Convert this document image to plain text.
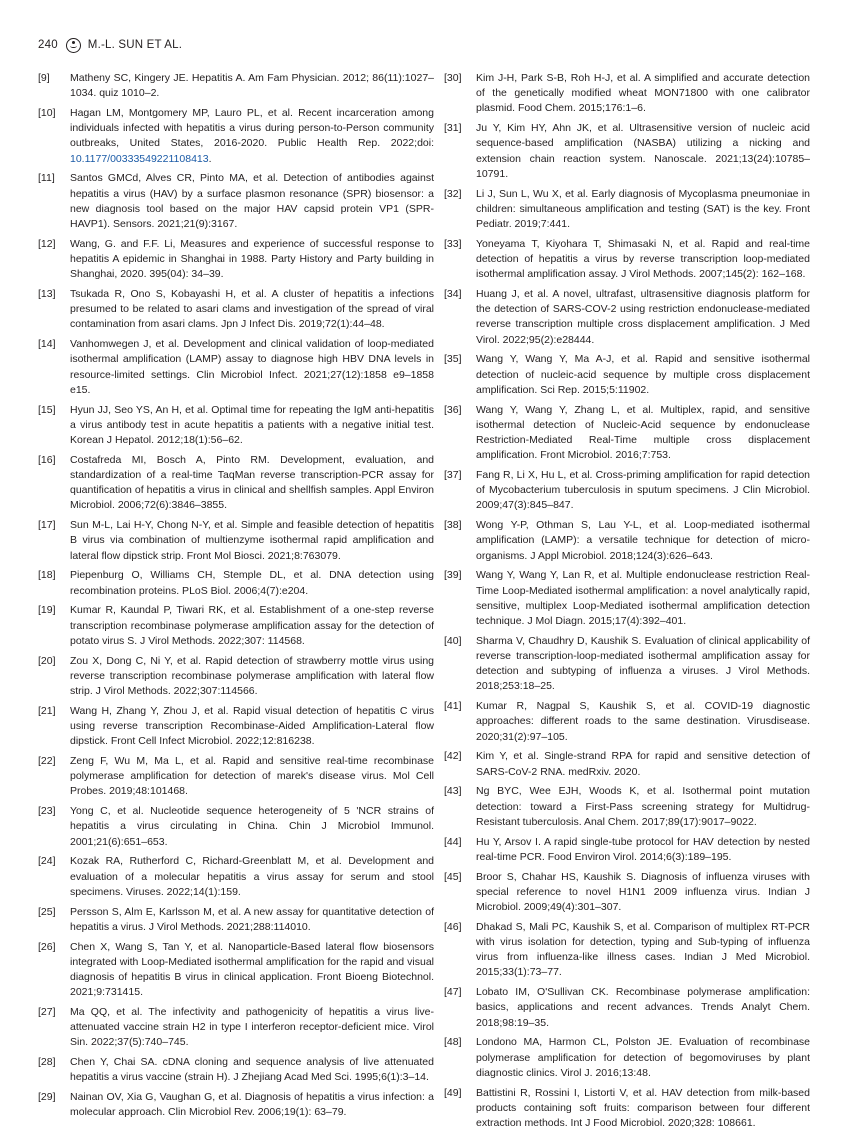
240	M.-L. SUN ET AL.
[9]	Matheny SC, Kingery JE. Hepatitis A. Am Fam Physician. 2012; 86(11):1027–1034. quiz 1010–2.
[10]	Hagan LM, Montgomery MP, Lauro PL, et al. Recent incarceration among individuals infected with hepatitis a virus during person-to-Person community outbreaks, United States, 2016-2020. Public Health Rep. 2022;doi: 10.1177/00333549221108413.
[11]	Santos GMCd, Alves CR, Pinto MA, et al. Detection of antibodies against hepatitis a virus (HAV) by a surface plasmon resonance (SPR) biosensor: a new diagnosis tool based on the major HAV capsid protein VP1 (SPR-HAVP1). Sensors. 2021;21(9):3167.
[12]	Wang, G. and F.F. Li, Measures and experience of successful response to hepatitis A epidemic in Shanghai in 1988. Party History and Party building in Shanghai, 2020. 395(04): 34–39.
[13]	Tsukada R, Ono S, Kobayashi H, et al. A cluster of hepatitis a infections presumed to be related to asari clams and investigation of the spread of viral contamination from asari clams. Jpn J Infect Dis. 2019;72(1):44–48.
[14]	Vanhomwegen J, et al. Development and clinical validation of loop-mediated isothermal amplification (LAMP) assay to diagnose high HBV DNA levels in resource-limited settings. Clin Microbiol Infect. 2021;27(12):1858 e9–1858 e15.
[15]	Hyun JJ, Seo YS, An H, et al. Optimal time for repeating the IgM anti-hepatitis a virus antibody test in acute hepatitis a patients with a negative initial test. Korean J Hepatol. 2012;18(1):56–62.
[16]	Costafreda MI, Bosch A, Pinto RM. Development, evaluation, and standardization of a real-time TaqMan reverse transcription-PCR assay for quantification of hepatitis a virus in clinical and shellfish samples. Appl Environ Microbiol. 2006;72(6):3846–3855.
[17]	Sun M-L, Lai H-Y, Chong N-Y, et al. Simple and feasible detection of hepatitis B virus via combination of multienzyme isothermal rapid amplification and lateral flow dipstick strip. Front Mol Biosci. 2021;8:763079.
[18]	Piepenburg O, Williams CH, Stemple DL, et al. DNA detection using recombination proteins. PLoS Biol. 2006;4(7):e204.
[19]	Kumar R, Kaundal P, Tiwari RK, et al. Establishment of a one-step reverse transcription recombinase polymerase amplification assay for the detection of potato virus S. J Virol Methods. 2022;307: 114568.
[20]	Zou X, Dong C, Ni Y, et al. Rapid detection of strawberry mottle virus using reverse transcription recombinase polymerase amplification with lateral flow strip. J Virol Methods. 2022;307:114566.
[21]	Wang H, Zhang Y, Zhou J, et al. Rapid visual detection of hepatitis C virus using reverse transcription Recombinase-Aided Amplification-Lateral flow dipstick. Front Cell Infect Microbiol. 2022;12:816238.
[22]	Zeng F, Wu M, Ma L, et al. Rapid and sensitive real-time recombinase polymerase amplification for detection of marek's disease virus. Mol Cell Probes. 2019;48:101468.
[23]	Yong C, et al. Nucleotide sequence heterogeneity of 5 'NCR strains of hepatitis a virus circulating in China. Chin J Microbiol Immunol. 2001;21(6):651–653.
[24]	Kozak RA, Rutherford C, Richard-Greenblatt M, et al. Development and evaluation of a molecular hepatitis a virus assay for serum and stool specimens. Viruses. 2022;14(1):159.
[25]	Persson S, Alm E, Karlsson M, et al. A new assay for quantitative detection of hepatitis a virus. J Virol Methods. 2021;288:114010.
[26]	Chen X, Wang S, Tan Y, et al. Nanoparticle-Based lateral flow biosensors integrated with Loop-Mediated isothermal amplification for the rapid and visual diagnosis of hepatitis B virus in clinical application. Front Bioeng Biotechnol. 2021;9:731415.
[27]	Ma QQ, et al. The infectivity and pathogenicity of hepatitis a virus live-attenuated vaccine strain H2 in type I interferon receptor-deficient mice. Virol Sin. 2022;37(5):740–745.
[28]	Chen Y, Chai SA. cDNA cloning and sequence analysis of live attenuated hepatitis a virus vaccine (strain H). J Zhejiang Acad Med Sci. 1995;6(1):3–14.
[29]	Nainan OV, Xia G, Vaughan G, et al. Diagnosis of hepatitis a virus infection: a molecular approach. Clin Microbiol Rev. 2006;19(1): 63–79.
[30]	Kim J-H, Park S-B, Roh H-J, et al. A simplified and accurate detection of the genetically modified wheat MON71800 with one calibrator plasmid. Food Chem. 2015;176:1–6.
[31]	Ju Y, Kim HY, Ahn JK, et al. Ultrasensitive version of nucleic acid sequence-based amplification (NASBA) utilizing a nicking and extension chain reaction system. Nanoscale. 2021;13(24):10785–10791.
[32]	Li J, Sun L, Wu X, et al. Early diagnosis of Mycoplasma pneumoniae in children: simultaneous amplification and testing (SAT) is the key. Front Pediatr. 2019;7:441.
[33]	Yoneyama T, Kiyohara T, Shimasaki N, et al. Rapid and real-time detection of hepatitis a virus by reverse transcription loop-mediated isothermal amplification assay. J Virol Methods. 2007;145(2): 162–168.
[34]	Huang J, et al. A novel, ultrafast, ultrasensitive diagnosis platform for the detection of SARS-COV-2 using restriction endonuclease-mediated reverse transcription multiple cross displacement amplification. J Med Virol. 2022;95(2):e28444.
[35]	Wang Y, Wang Y, Ma A-J, et al. Rapid and sensitive isothermal detection of nucleic-acid sequence by multiple cross displacement amplification. Sci Rep. 2015;5:11902.
[36]	Wang Y, Wang Y, Zhang L, et al. Multiplex, rapid, and sensitive isothermal detection of Nucleic-Acid sequence by endonuclease Restriction-Mediated Real-Time multiple cross displacement amplification. Front Microbiol. 2016;7:753.
[37]	Fang R, Li X, Hu L, et al. Cross-priming amplification for rapid detection of Mycobacterium tuberculosis in sputum specimens. J Clin Microbiol. 2009;47(3):845–847.
[38]	Wong Y-P, Othman S, Lau Y-L, et al. Loop-mediated isothermal amplification (LAMP): a versatile technique for detection of micro-organisms. J Appl Microbiol. 2018;124(3):626–643.
[39]	Wang Y, Wang Y, Lan R, et al. Multiple endonuclease restriction Real-Time Loop-Mediated isothermal amplification: a novel analytically rapid, sensitive, multiplex Loop-Mediated isothermal amplification detection technique. J Mol Diagn. 2015;17(4):392–401.
[40]	Sharma V, Chaudhry D, Kaushik S. Evaluation of clinical applicability of reverse transcription-loop-mediated isothermal amplification assay for detection and subtyping of influenza a viruses. J Virol Methods. 2018;253:18–25.
[41]	Kumar R, Nagpal S, Kaushik S, et al. COVID-19 diagnostic approaches: different roads to the same destination. Virusdisease. 2020;31(2):97–105.
[42]	Kim Y, et al. Single-strand RPA for rapid and sensitive detection of SARS-CoV-2 RNA. medRxiv. 2020.
[43]	Ng BYC, Wee EJH, Woods K, et al. Isothermal point mutation detection: toward a First-Pass screening strategy for Multidrug-Resistant tuberculosis. Anal Chem. 2017;89(17):9017–9022.
[44]	Hu Y, Arsov I. A rapid single-tube protocol for HAV detection by nested real-time PCR. Food Environ Virol. 2014;6(3):189–195.
[45]	Broor S, Chahar HS, Kaushik S. Diagnosis of influenza viruses with special reference to novel H1N1 2009 influenza virus. Indian J Microbiol. 2009;49(4):301–307.
[46]	Dhakad S, Mali PC, Kaushik S, et al. Comparison of multiplex RT-PCR with virus isolation for detection, typing and Sub-typing of influenza virus from influenza-like illness cases. Indian J Med Microbiol. 2015;33(1):73–77.
[47]	Lobato IM, O'Sullivan CK. Recombinase polymerase amplification: basics, applications and recent advances. Trends Analyt Chem. 2018;98:19–35.
[48]	Londono MA, Harmon CL, Polston JE. Evaluation of recombinase polymerase amplification for detection of begomoviruses by plant diagnostic clinics. Virol J. 2016;13:48.
[49]	Battistini R, Rossini I, Listorti V, et al. HAV detection from milk-based products containing soft fruits: comparison between four different extraction methods. Int J Food Microbiol. 2020;328: 108661.
